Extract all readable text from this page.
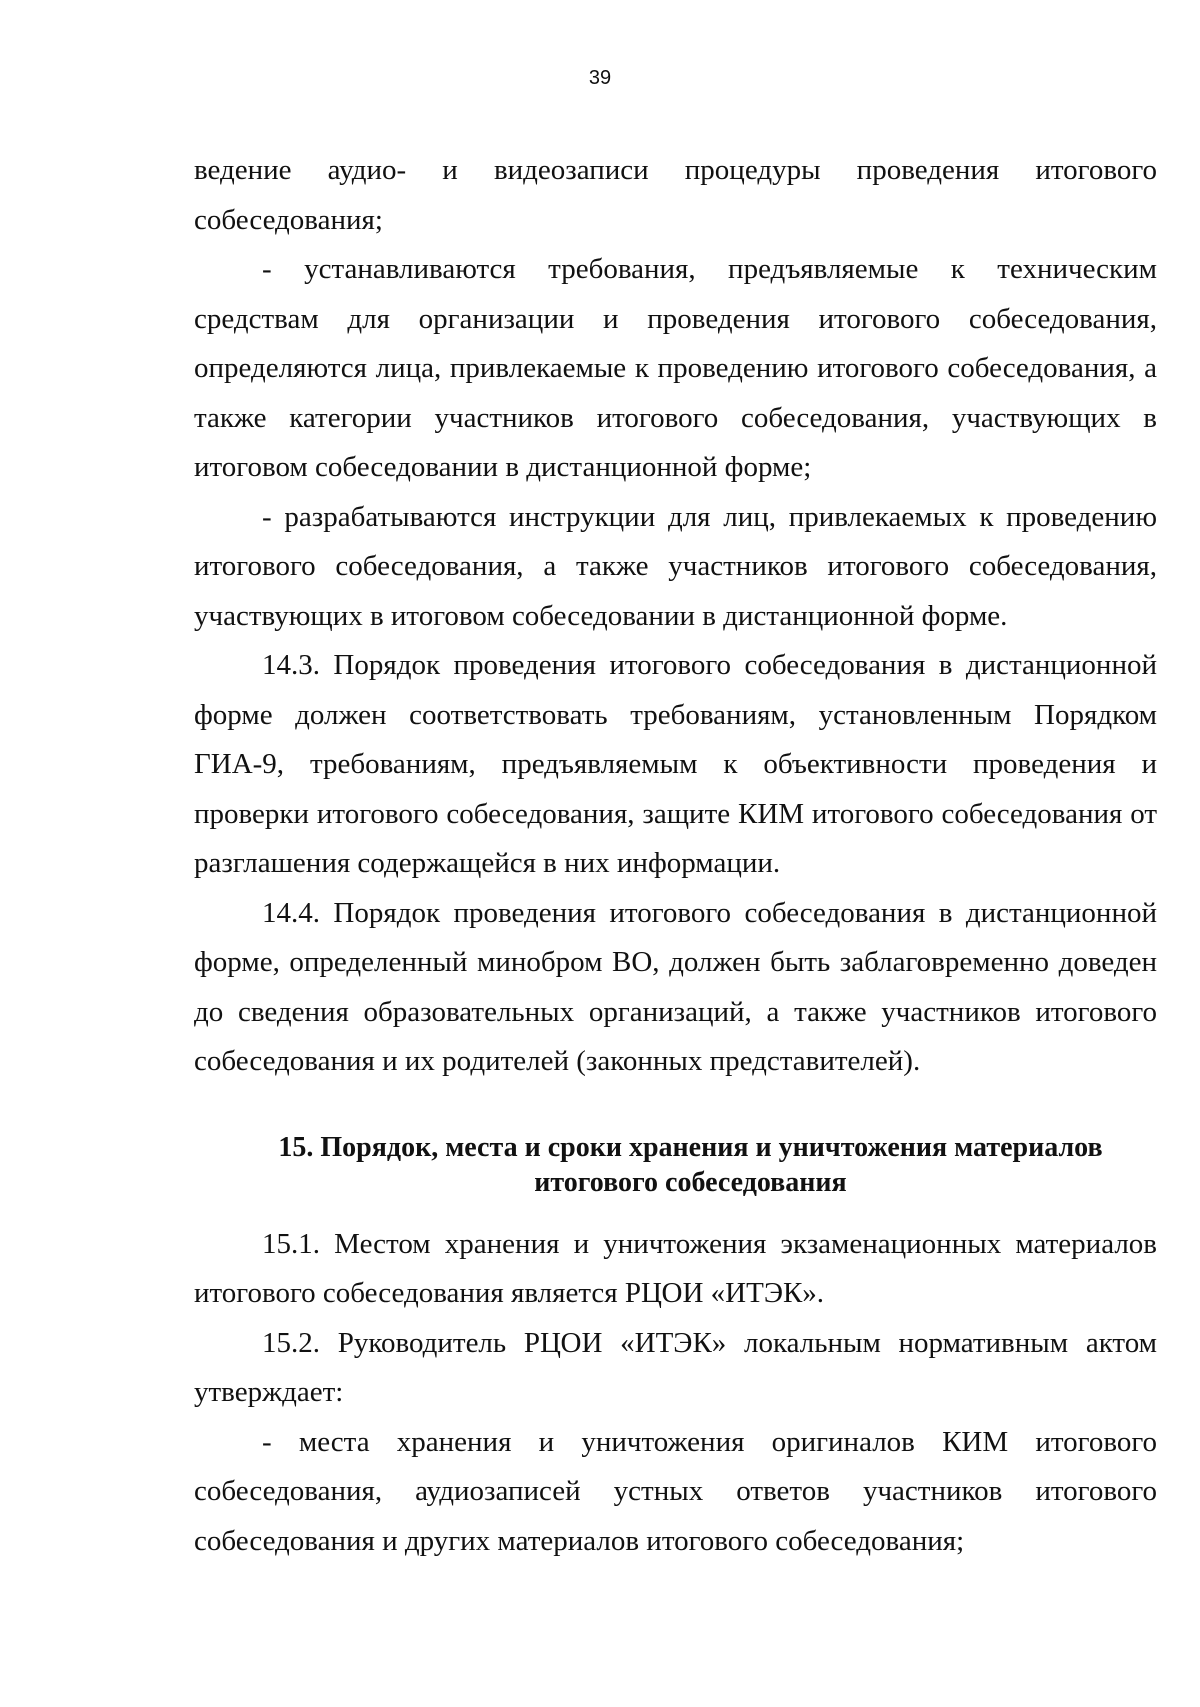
39

ведение аудио- и видеозаписи процедуры проведения итогового собеседования;

- устанавливаются требования, предъявляемые к техническим средствам для организации и проведения итогового собеседования, определяются лица, привлекаемые к проведению итогового собеседования, а также категории участников итогового собеседования, участвующих в итоговом собеседовании в дистанционной форме;

- разрабатываются инструкции для лиц, привлекаемых к проведению итогового собеседования, а также участников итогового собеседования, участвующих в итоговом собеседовании в дистанционной форме.

14.3. Порядок проведения итогового собеседования в дистанционной форме должен соответствовать требованиям, установленным Порядком ГИА-9, требованиям, предъявляемым к объективности проведения и проверки итогового собеседования, защите КИМ итогового собеседования от разглашения содержащейся в них информации.

14.4. Порядок проведения итогового собеседования в дистанционной форме, определенный минобром ВО, должен быть заблаговременно доведен до сведения образовательных организаций, а также участников итогового собеседования и их родителей (законных представителей).

15. Порядок, места и сроки хранения и уничтожения материалов
итогового собеседования

15.1. Местом хранения и уничтожения экзаменационных материалов итогового собеседования является РЦОИ «ИТЭК».

15.2. Руководитель РЦОИ «ИТЭК» локальным нормативным актом утверждает:

- места хранения и уничтожения оригиналов КИМ итогового собеседования, аудиозаписей устных ответов участников итогового собеседования и других материалов итогового собеседования;
